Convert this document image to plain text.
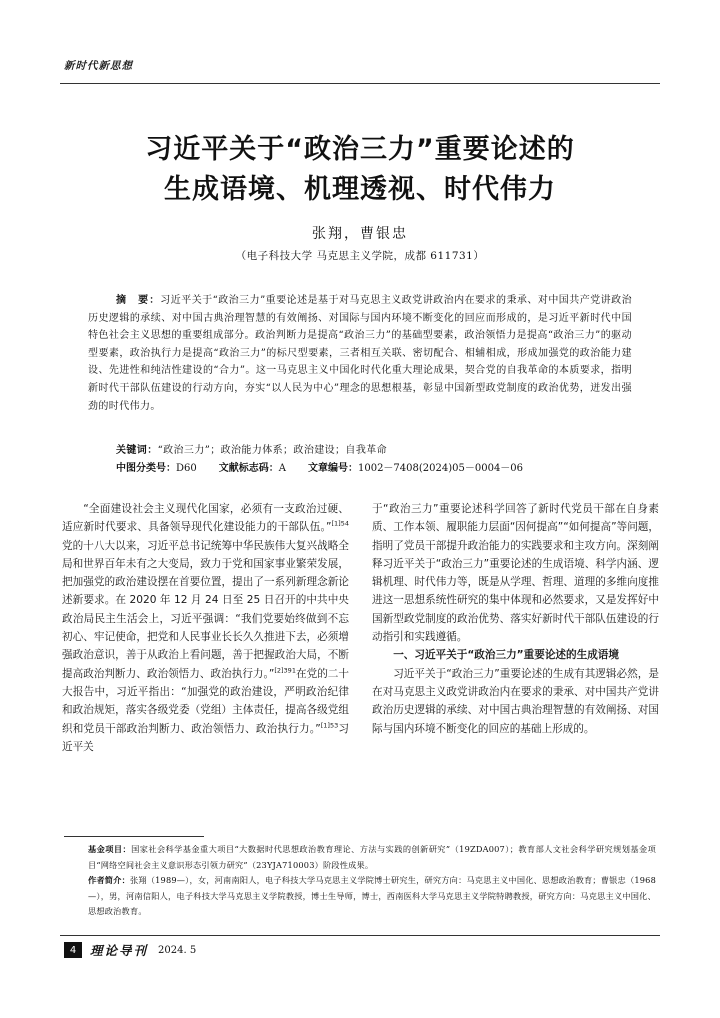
新时代新思想
习近平关于“政治三力”重要论述的
生成语境、机理透视、时代伟力
张翔，曹银忠
（电子科技大学 马克思主义学院，成都 611731）
摘　要：习近平关于“政治三力”重要论述是基于对马克思主义政党讲政治内在要求的秉承、对中国共产党讲政治历史逻辑的承续、对中国古典治理智慧的有效阐扬、对国际与国内环境不断变化的回应而形成的，是习近平新时代中国特色社会主义思想的重要组成部分。政治判断力是提高“政治三力”的基础型要素，政治领悟力是提高“政治三力”的驱动型要素，政治执行力是提高“政治三力”的标尺型要素，三者相互关联、密切配合、相辅相成，形成加强党的政治能力建设、先进性和纯洁性建设的“合力”。这一马克思主义中国化时代化重大理论成果，契合党的自我革命的本质要求，指明新时代干部队伍建设的行动方向，夯实“以人民为中心”理念的思想根基，彰显中国新型政党制度的政治优势，迸发出强劲的时代伟力。
关键词：“政治三力”；政治能力体系；政治建设；自我革命
中图分类号：D60 文献标志码：A 文章编号：1002－7408(2024)05－0004－06

“全面建设社会主义现代化国家，必须有一支政治过硬、适应新时代要求、具备领导现代化建设能力的干部队伍。”$^{[1]54}$党的十八大以来，习近平总书记统筹中华民族伟大复兴战略全局和世界百年未有之大变局，致力于党和国家事业繁荣发展，把加强党的政治建设摆在首要位置，提出了一系列新理念新论述新要求。在 2020 年 12 月 24 日至 25 日召开的中共中央政治局民主生活会上，习近平强调：“我们党要始终做到不忘初心、牢记使命，把党和人民事业长长久久推进下去，必须增强政治意识，善于从政治上看问题，善于把握政治大局，不断提高政治判断力、政治领悟力、政治执行力。”$^{[2]391}$在党的二十大报告中，习近平指出：“加强党的政治建设，严明政治纪律和政治规矩，落实各级党委（党组）主体责任，提高各级党组织和党员干部政治判断力、政治领悟力、政治执行力。”$^{[1]53}$习近平关

于“政治三力”重要论述科学回答了新时代党员干部在自身素质、工作本领、履职能力层面“因何提高”“如何提高”等问题，指明了党员干部提升政治能力的实践要求和主攻方向。深刻阐释习近平关于“政治三力”重要论述的生成语境、科学内涵、逻辑机理、时代伟力等，既是从学理、哲理、道理的多维向度推进这一思想系统性研究的集中体现和必然要求，又是发挥好中国新型政党制度的政治优势、落实好新时代干部队伍建设的行动指引和实践遵循。

一、习近平关于“政治三力”重要论述的生成语境

习近平关于“政治三力”重要论述的生成有其逻辑必然，是在对马克思主义政党讲政治内在要求的秉承、对中国共产党讲政治历史逻辑的承续、对中国古典治理智慧的有效阐扬、对国际与国内环境不断变化的回应的基础上形成的。

基金项目：国家社会科学基金重大项目“大数据时代思想政治教育理论、方法与实践的创新研究”（19ZDA007）；教育部人文社会科学研究规划基金项目“网络空间社会主义意识形态引领力研究”（23YJA710003）阶段性成果。

作者简介：张翔（1989—），女，河南南阳人，电子科技大学马克思主义学院博士研究生，研究方向：马克思主义中国化、思想政治教育；曹银忠（1968—），男，河南信阳人，电子科技大学马克思主义学院教授，博士生导师，博士，西南医科大学马克思主义学院特聘教授，研究方向：马克思主义中国化、思想政治教育。

4	理论导刊 2024. 5
